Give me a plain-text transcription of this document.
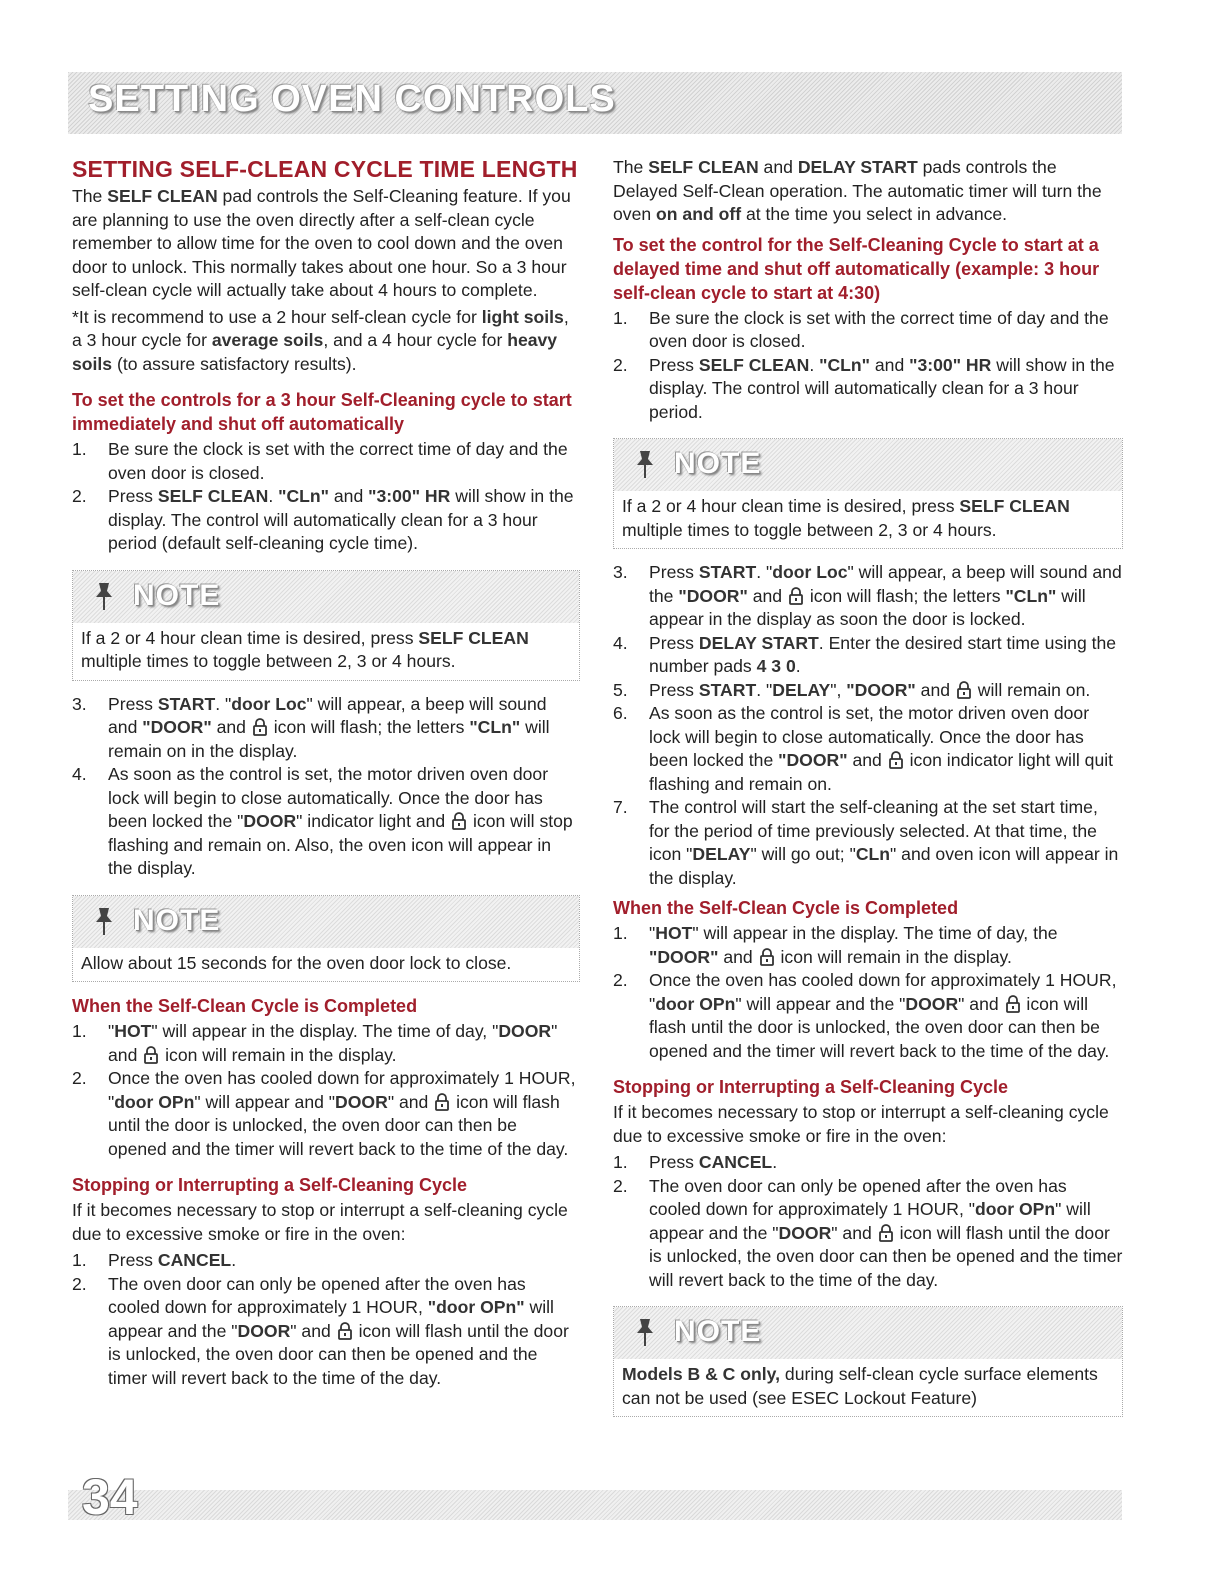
SETTING OVEN CONTROLS
SETTING SELF-CLEAN CYCLE TIME LENGTH

The SELF CLEAN pad controls the Self-Cleaning feature. If you are planning to use the oven directly after a self-clean cycle remember to allow time for the oven to cool down and the oven door to unlock. This normally takes about one hour. So a 3 hour self-clean cycle will actually take about 4 hours to complete.

*It is recommend to use a 2 hour self-clean cycle for light soils, a 3 hour cycle for average soils, and a 4 hour cycle for heavy soils (to assure satisfactory results).

To set the controls for a 3 hour Self-Cleaning cycle to start immediately and shut off automatically
1. Be sure the clock is set with the correct time of day and the oven door is closed.
2. Press SELF CLEAN. "CLn" and "3:00" HR will show in the display. The control will automatically clean for a 3 hour period (default self-cleaning cycle time).
NOTE
If a 2 or 4 hour clean time is desired, press SELF CLEAN multiple times to toggle between 2, 3 or 4 hours.
3. Press START. "door Loc" will appear, a beep will sound and "DOOR" and  icon will flash; the letters "CLn" will remain on in the display.
4. As soon as the control is set, the motor driven oven door lock will begin to close automatically. Once the door has been locked the "DOOR" indicator light and  icon will stop flashing and remain on. Also, the oven icon will appear in the display.
NOTE
Allow about 15 seconds for the oven door lock to close.
When the Self-Clean Cycle is Completed
1. "HOT" will appear in the display. The time of day, "DOOR" and  icon will remain in the display.
2. Once the oven has cooled down for approximately 1 HOUR, "door OPn" will appear and "DOOR" and  icon will flash until the door is unlocked, the oven door can then be opened and the timer will revert back to the time of the day.
Stopping or Interrupting a Self-Cleaning Cycle

If it becomes necessary to stop or interrupt a self-cleaning cycle due to excessive smoke or fire in the oven:

1. Press CANCEL.
2. The oven door can only be opened after the oven has cooled down for approximately 1 HOUR, "door OPn" will appear and the "DOOR" and  icon will flash until the door is unlocked, the oven door can then be opened and the timer will revert back to the time of the day.

The SELF CLEAN and DELAY START pads controls the Delayed Self-Clean operation. The automatic timer will turn the oven on and off at the time you select in advance.

To set the control for the Self-Cleaning Cycle to start at a delayed time and shut off automatically (example: 3 hour self-clean cycle to start at 4:30)
1. Be sure the clock is set with the correct time of day and the oven door is closed.
2. Press SELF CLEAN. "CLn" and "3:00" HR will show in the display. The control will automatically clean for a 3 hour period.
NOTE
If a 2 or 4 hour clean time is desired, press SELF CLEAN multiple times to toggle between 2, 3 or 4 hours.
3. Press START. "door Loc" will appear, a beep will sound and the "DOOR" and  icon will flash; the letters "CLn" will appear in the display as soon the door is locked.
4. Press DELAY START. Enter the desired start time using the number pads 4 3 0.
5. Press START. "DELAY", "DOOR" and  will remain on.
6. As soon as the control is set, the motor driven oven door lock will begin to close automatically. Once the door has been locked the "DOOR" and  icon indicator light will quit flashing and remain on.
7. The control will start the self-cleaning at the set start time, for the period of time previously selected. At that time, the icon "DELAY" will go out; "CLn" and oven icon will appear in the display.
When the Self-Clean Cycle is Completed
1. "HOT" will appear in the display. The time of day, the "DOOR" and  icon will remain in the display.
2. Once the oven has cooled down for approximately 1 HOUR, "door OPn" will appear and the "DOOR" and  icon will flash until the door is unlocked, the oven door can then be opened and the timer will revert back to the time of the day.
Stopping or Interrupting a Self-Cleaning Cycle

If it becomes necessary to stop or interrupt a self-cleaning cycle due to excessive smoke or fire in the oven:

1. Press CANCEL.
2. The oven door can only be opened after the oven has cooled down for approximately 1 HOUR, "door OPn" will appear and the "DOOR" and  icon will flash until the door is unlocked, the oven door can then be opened and the timer will revert back to the time of the day.
NOTE
Models B & C only, during self-clean cycle surface elements can not be used (see ESEC Lockout Feature)
34
